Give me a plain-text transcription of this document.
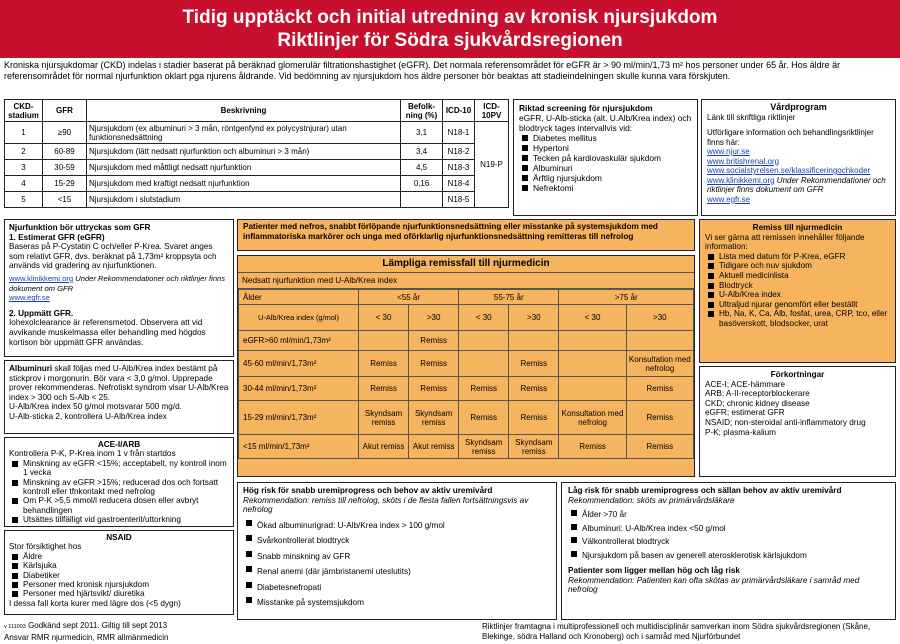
Tidig upptäckt och initial utredning av kronisk njursjukdom
Riktlinjer för Södra sjukvårdsregionen
Kroniska njursjukdomar (CKD) indelas i stadier baserat på beräknad glomerulär filtrationshastighet (eGFR). Det normala referensområdet för eGFR är > 90 ml/min/1,73 m² hos personer under 65 år. Hos äldre är referensområdet för normal njurfunktion oklart pga njurens åldrande. Vid bedömning av njursjukdom hos äldre personer bör beaktas att stadieindelningen skulle kunna vara förskjuten.
CKD-stadium	GFR	Beskrivning	Befolk-ning (%)	ICD-10	ICD-10PV
1	≥90	Njursjukdom (ex albuminuri > 3 mån, röntgenfynd ex polycystnjurar) utan funktionsnedsättning	3,1	N18-1	N19-P
2	60-89	Njursjukdom (lätt nedsatt njurfunktion och albuminuri > 3 mån)	3,4	N18-2	
3	30-59	Njursjukdom med måttligt nedsatt njurfunktion	4,5	N18-3	
4	15-29	Njursjukdom med kraftigt nedsatt njurfunktion	0,16	N18-4	
5	<15	Njursjukdom i slutstadium		N18-5	
Riktad screening för njursjukdom
eGFR, U-Alb-sticka (alt. U.Alb/Krea index) och blodtryck tages intervallvis vid:
Diabetes mellitus
Hypertoni
Tecken på kardiovaskulär sjukdom
Albuminuri
Ärftlig njursjukdom
Nefrektomi
Vårdprogram
Länk till skriftliga riktlinjer
Utförligare information och behandlingsriktlinjer finns här:
www.njur.se
www.britishrenal.org
www.socialstyrelsen.se/klassificeringochkoder
www.klinikkemi.org Under Rekommendationer och riktlinjer finns dokument om GFR
www.egfr.se
Njurfunktion bör uttryckas som GFR
1. Estimerat GFR (eGFR)
Baseras på P-Cystatin C och/eller P-Krea. Svaret anges som relativt GFR, dvs. beräknat på 1,73m² kroppsyta och används vid gradering av njurfunktionen.
www.klinikkemi.org Under Rekommendationer och riktlinjer finns dokument om GFR
www.egfr.se
2. Uppmätt GFR.
Iohexolclearance är referensmetod. Observera att vid avvikande muskelmassa eller behandling med högdos kortison bör uppmätt GFR användas.
Albuminuri skall följas med U-Alb/Krea index bestämt på stickprov i morgonurin. Bör vara < 3,0 g/mol. Upprepade prover rekommenderas. Nefrotiskt syndrom visar U-Alb/Krea index > 300 och S-Alb < 25.
U-Alb/Krea index 50 g/mol motsvarar 500 mg/d.
U-Alb-sticka 2, kontrollera U-Alb/Krea index
ACE-I/ARB
Kontrollera P-K, P-Krea inom 1 v från startdos
Minskning av eGFR <15%; acceptabelt, ny kontroll inom 1 vecka
Minskning av eGFR >15%; reducerad dos och fortsatt kontroll eller tfnkontakt med nefrolog
Om P-K >5,5 mmol/l reducera dosen eller avbryt behandlingen
Utsättes tillfälligt vid gastroenterit/uttorkning
NSAID
Stor försiktighet hos
Äldre
Kärlsjuka
Diabetiker
Personer med kronisk njursjukdom
Personer med hjärtsvikt/ diuretika
I dessa fall korta kurer med lägre dos (<5 dygn)
v 111003 Godkänd sept 2011. Giltig till sept 2013
Ansvar RMR njurmedicin, RMR allmänmedicin
Patienter med nefros, snabbt förlöpande njurfunktionsnedsättning eller misstanke på systemsjukdom med inflammatoriska markörer och unga med oförklarlig njurfunktionsnedsättning remitteras till nefrolog
Lämpliga remissfall till njurmedicin
Nedsatt njurfunktion med U-Alb/Krea index
Ålder	<55 år		55-75 år		>75 år	
U-Alb/Krea index (g/mol)	< 30	>30	< 30	>30	< 30	>30
eGFR>60 ml/min/1,73m²		Remiss				
45-60 ml/min/1,73m²	Remiss	Remiss		Remiss		Konsultation med nefrolog
30-44 ml/min/1,73m²	Remiss	Remiss	Remiss	Remiss		Remiss
15-29 ml/min/1,73m²	Skyndsam remiss	Skyndsam remiss	Remiss	Remiss	Konsultation med nefrolog	Remiss
<15 ml/min/1,73m²	Akut remiss	Akut remiss	Skyndsam remiss	Skyndsam remiss	Remiss	Remiss
Remiss till njurmedicin
Vi ser gärna att remissen innehåller följande information:
Lista med datum för P-Krea, eGFR
Tidigare och nuv sjukdom
Aktuell medicinlista
Blodtryck
U-Alb/Krea index
Ultraljud njurar genomfört eller beställt
Hb, Na, K, Ca, Alb, fosfat, urea, CRP, tco, eller basöverskott, blodsocker, urat
Förkortningar
ACE-I; ACE-hämmare
ARB; A-II-receptorblockerare
CKD; chronic kidney disease
eGFR; estimerat GFR
NSAID; non-steroidal anti-inflammatory drug
P-K; plasma-kalium
Hög risk för snabb uremiprogress och behov av aktiv uremivård
Rekommendation: remiss till nefrolog, sköts i de flesta fallen fortsättningsvis av nefrolog
Ökad albuminurigrad: U-Alb/Krea index > 100 g/mol
Svårkontrollerat blodtryck
Snabb minskning av GFR
Renal anemi (där järnbristanemi uteslutits)
Diabetesnefropati
Misstanke på systemsjukdom
Låg risk för snabb uremiprogress och sällan behov av aktiv uremivård
Rekommendation: sköts av primärvårdsläkare
Ålder >70 år
Albuminuri: U-Alb/Krea index <50 g/mol
Välkontrollerat blodtryck
Njursjukdom på basen av generell aterosklerotisk kärlsjukdom
Patienter som ligger mellan hög och låg risk
Rekommendation: Patienten kan ofta skötas av primärvårdsläkare i samråd med nefrolog
Riktlinjer framtagna i multiprofessionell och multidisciplinär samverkan inom Södra sjukvårdsregionen (Skåne, Blekinge, södra Halland och Kronoberg) och i samråd med Njurförbundet
